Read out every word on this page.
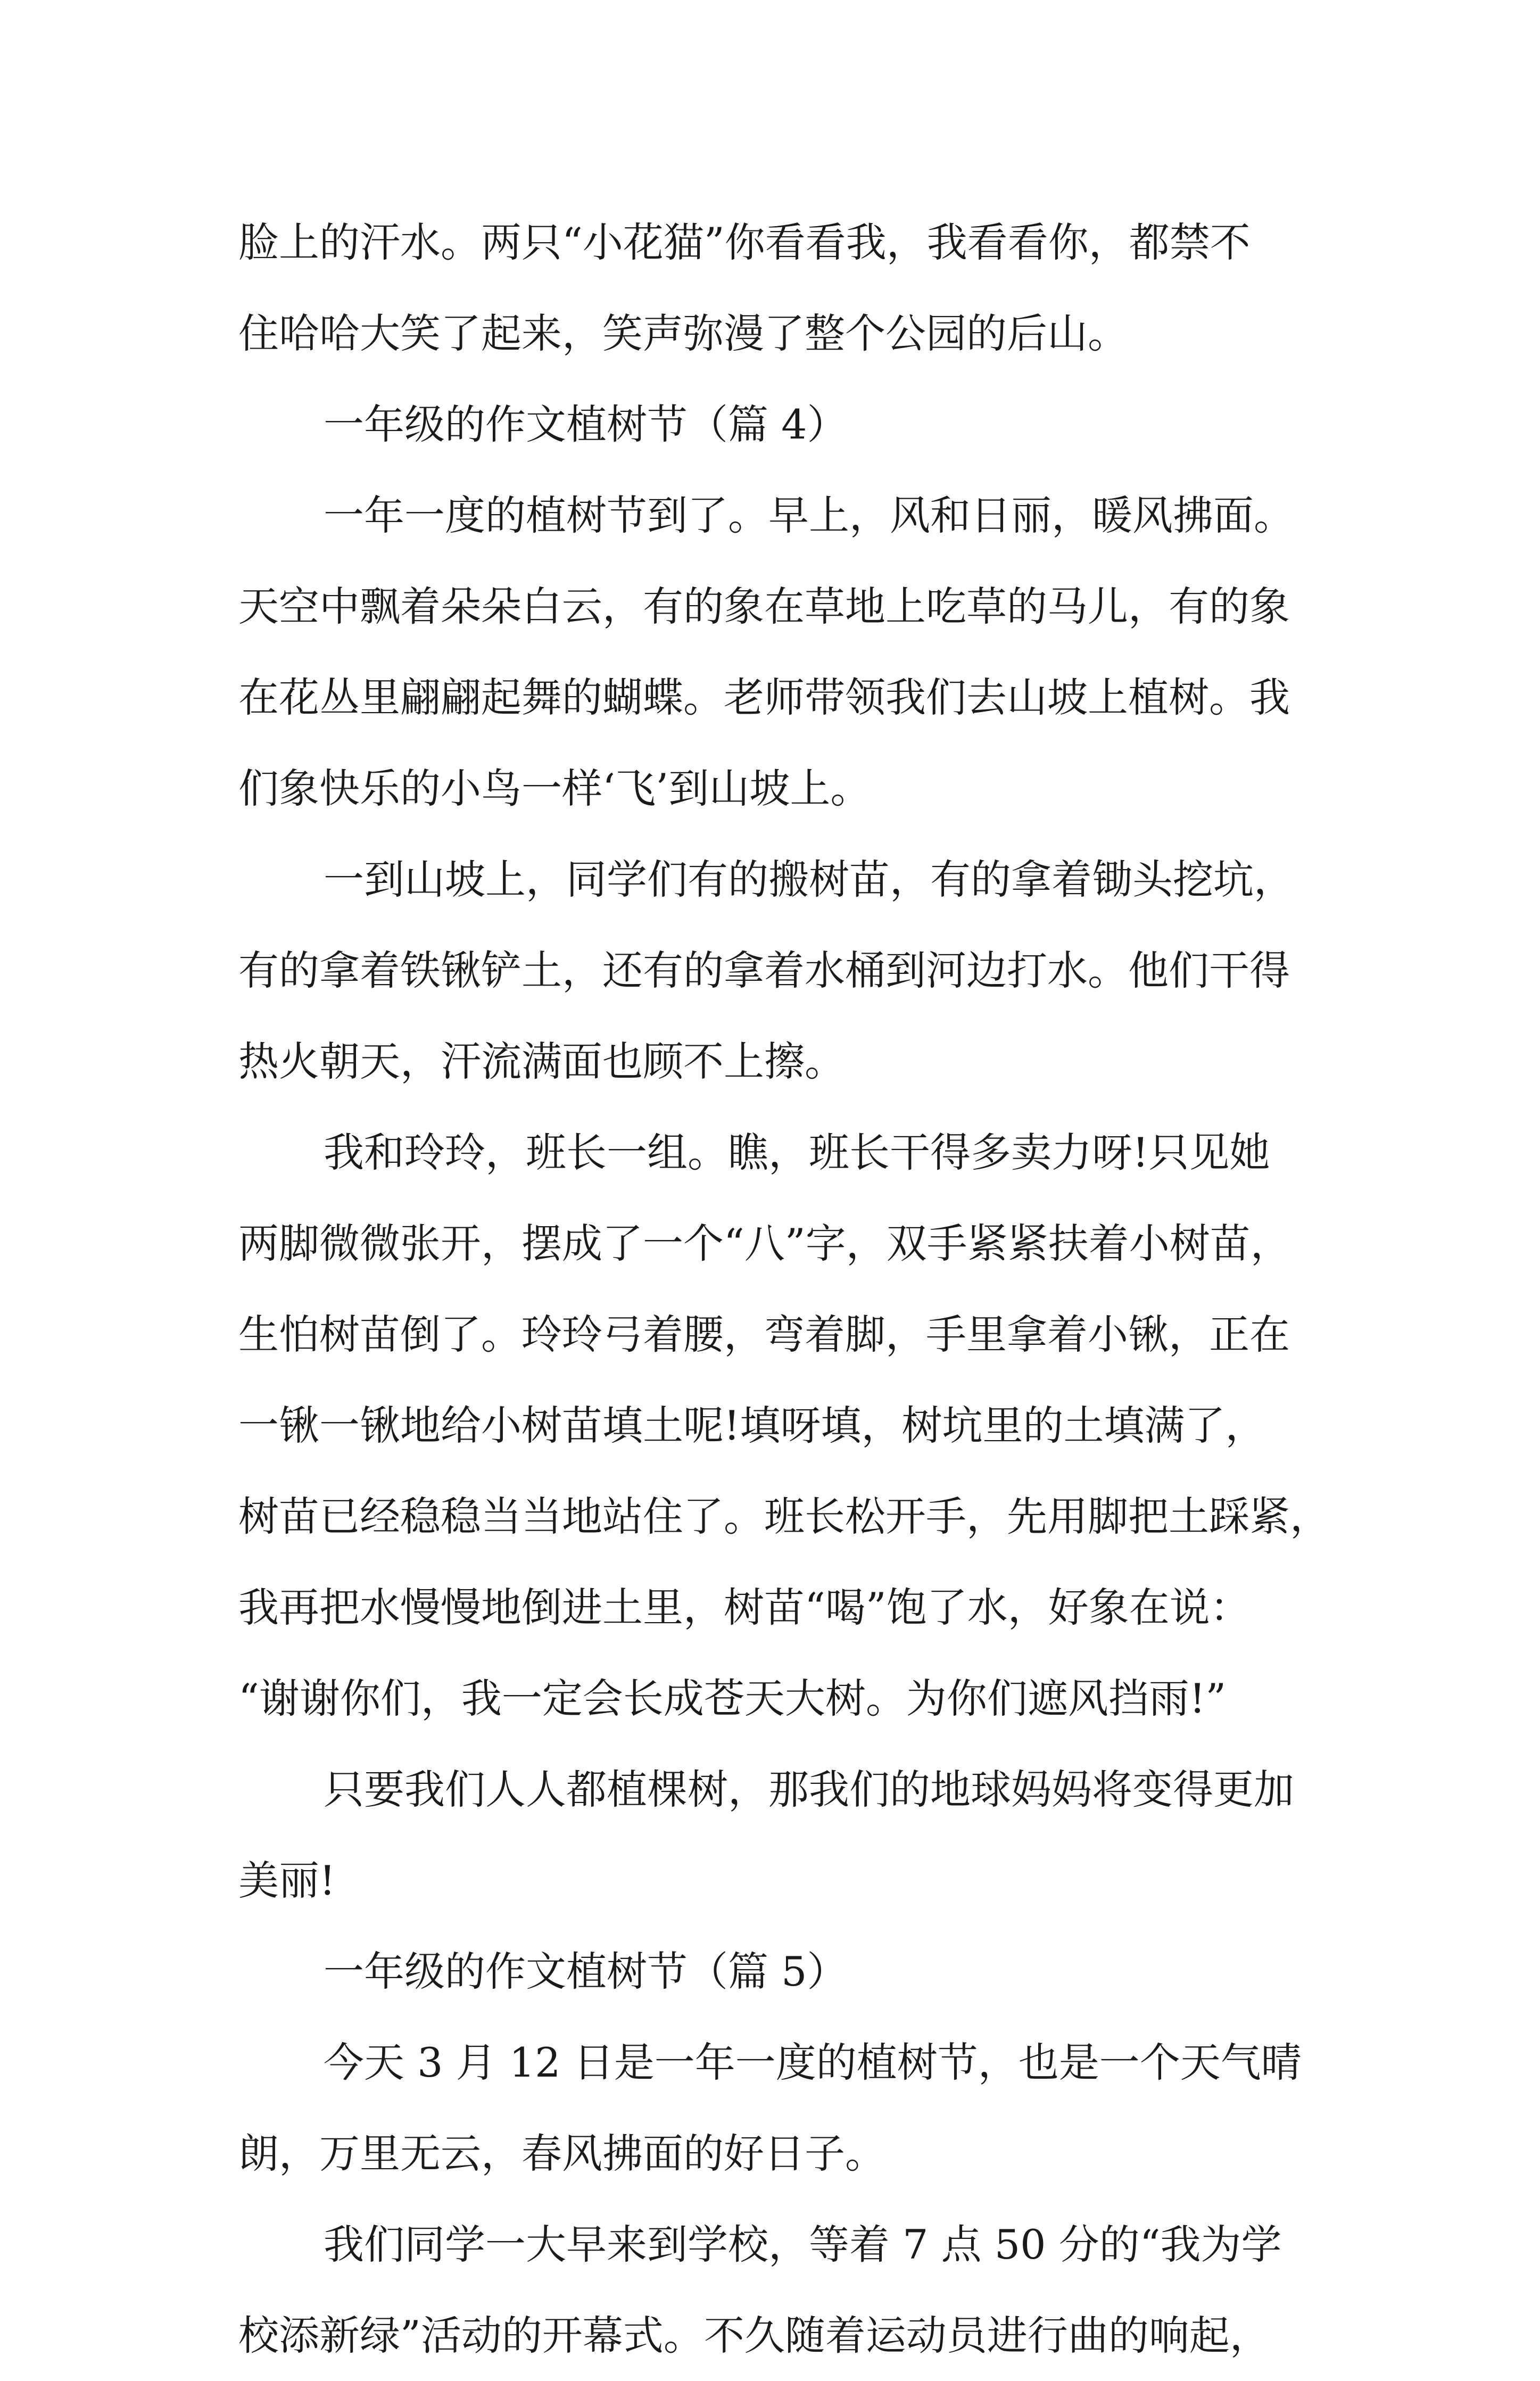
脸上的汗水。两只“小花猫”你看看我，我看看你，都禁不
住哈哈大笑了起来，笑声弥漫了整个公园的后山。
一年级的作文植树节（篇 4）
一年一度的植树节到了。早上，风和日丽，暖风拂面。
天空中飘着朵朵白云，有的象在草地上吃草的马儿，有的象
在花丛里翩翩起舞的蝴蝶。老师带领我们去山坡上植树。我
们象快乐的小鸟一样‘飞’到山坡上。
一到山坡上，同学们有的搬树苗，有的拿着锄头挖坑，
有的拿着铁锹铲土，还有的拿着水桶到河边打水。他们干得
热火朝天，汗流满面也顾不上擦。
我和玲玲，班长一组。瞧，班长干得多卖力呀!只见她
两脚微微张开，摆成了一个“八”字，双手紧紧扶着小树苗，
生怕树苗倒了。玲玲弓着腰，弯着脚，手里拿着小锹，正在
一锹一锹地给小树苗填土呢!填呀填，树坑里的土填满了，
树苗已经稳稳当当地站住了。班长松开手，先用脚把土踩紧，
我再把水慢慢地倒进土里，树苗“喝”饱了水，好象在说：
“谢谢你们，我一定会长成苍天大树。为你们遮风挡雨!”
只要我们人人都植棵树，那我们的地球妈妈将变得更加
美丽!
一年级的作文植树节（篇 5）
今天 3 月 12 日是一年一度的植树节，也是一个天气晴
朗，万里无云，春风拂面的好日子。
我们同学一大早来到学校，等着 7 点 50 分的“我为学
校添新绿”活动的开幕式。不久随着运动员进行曲的响起，
